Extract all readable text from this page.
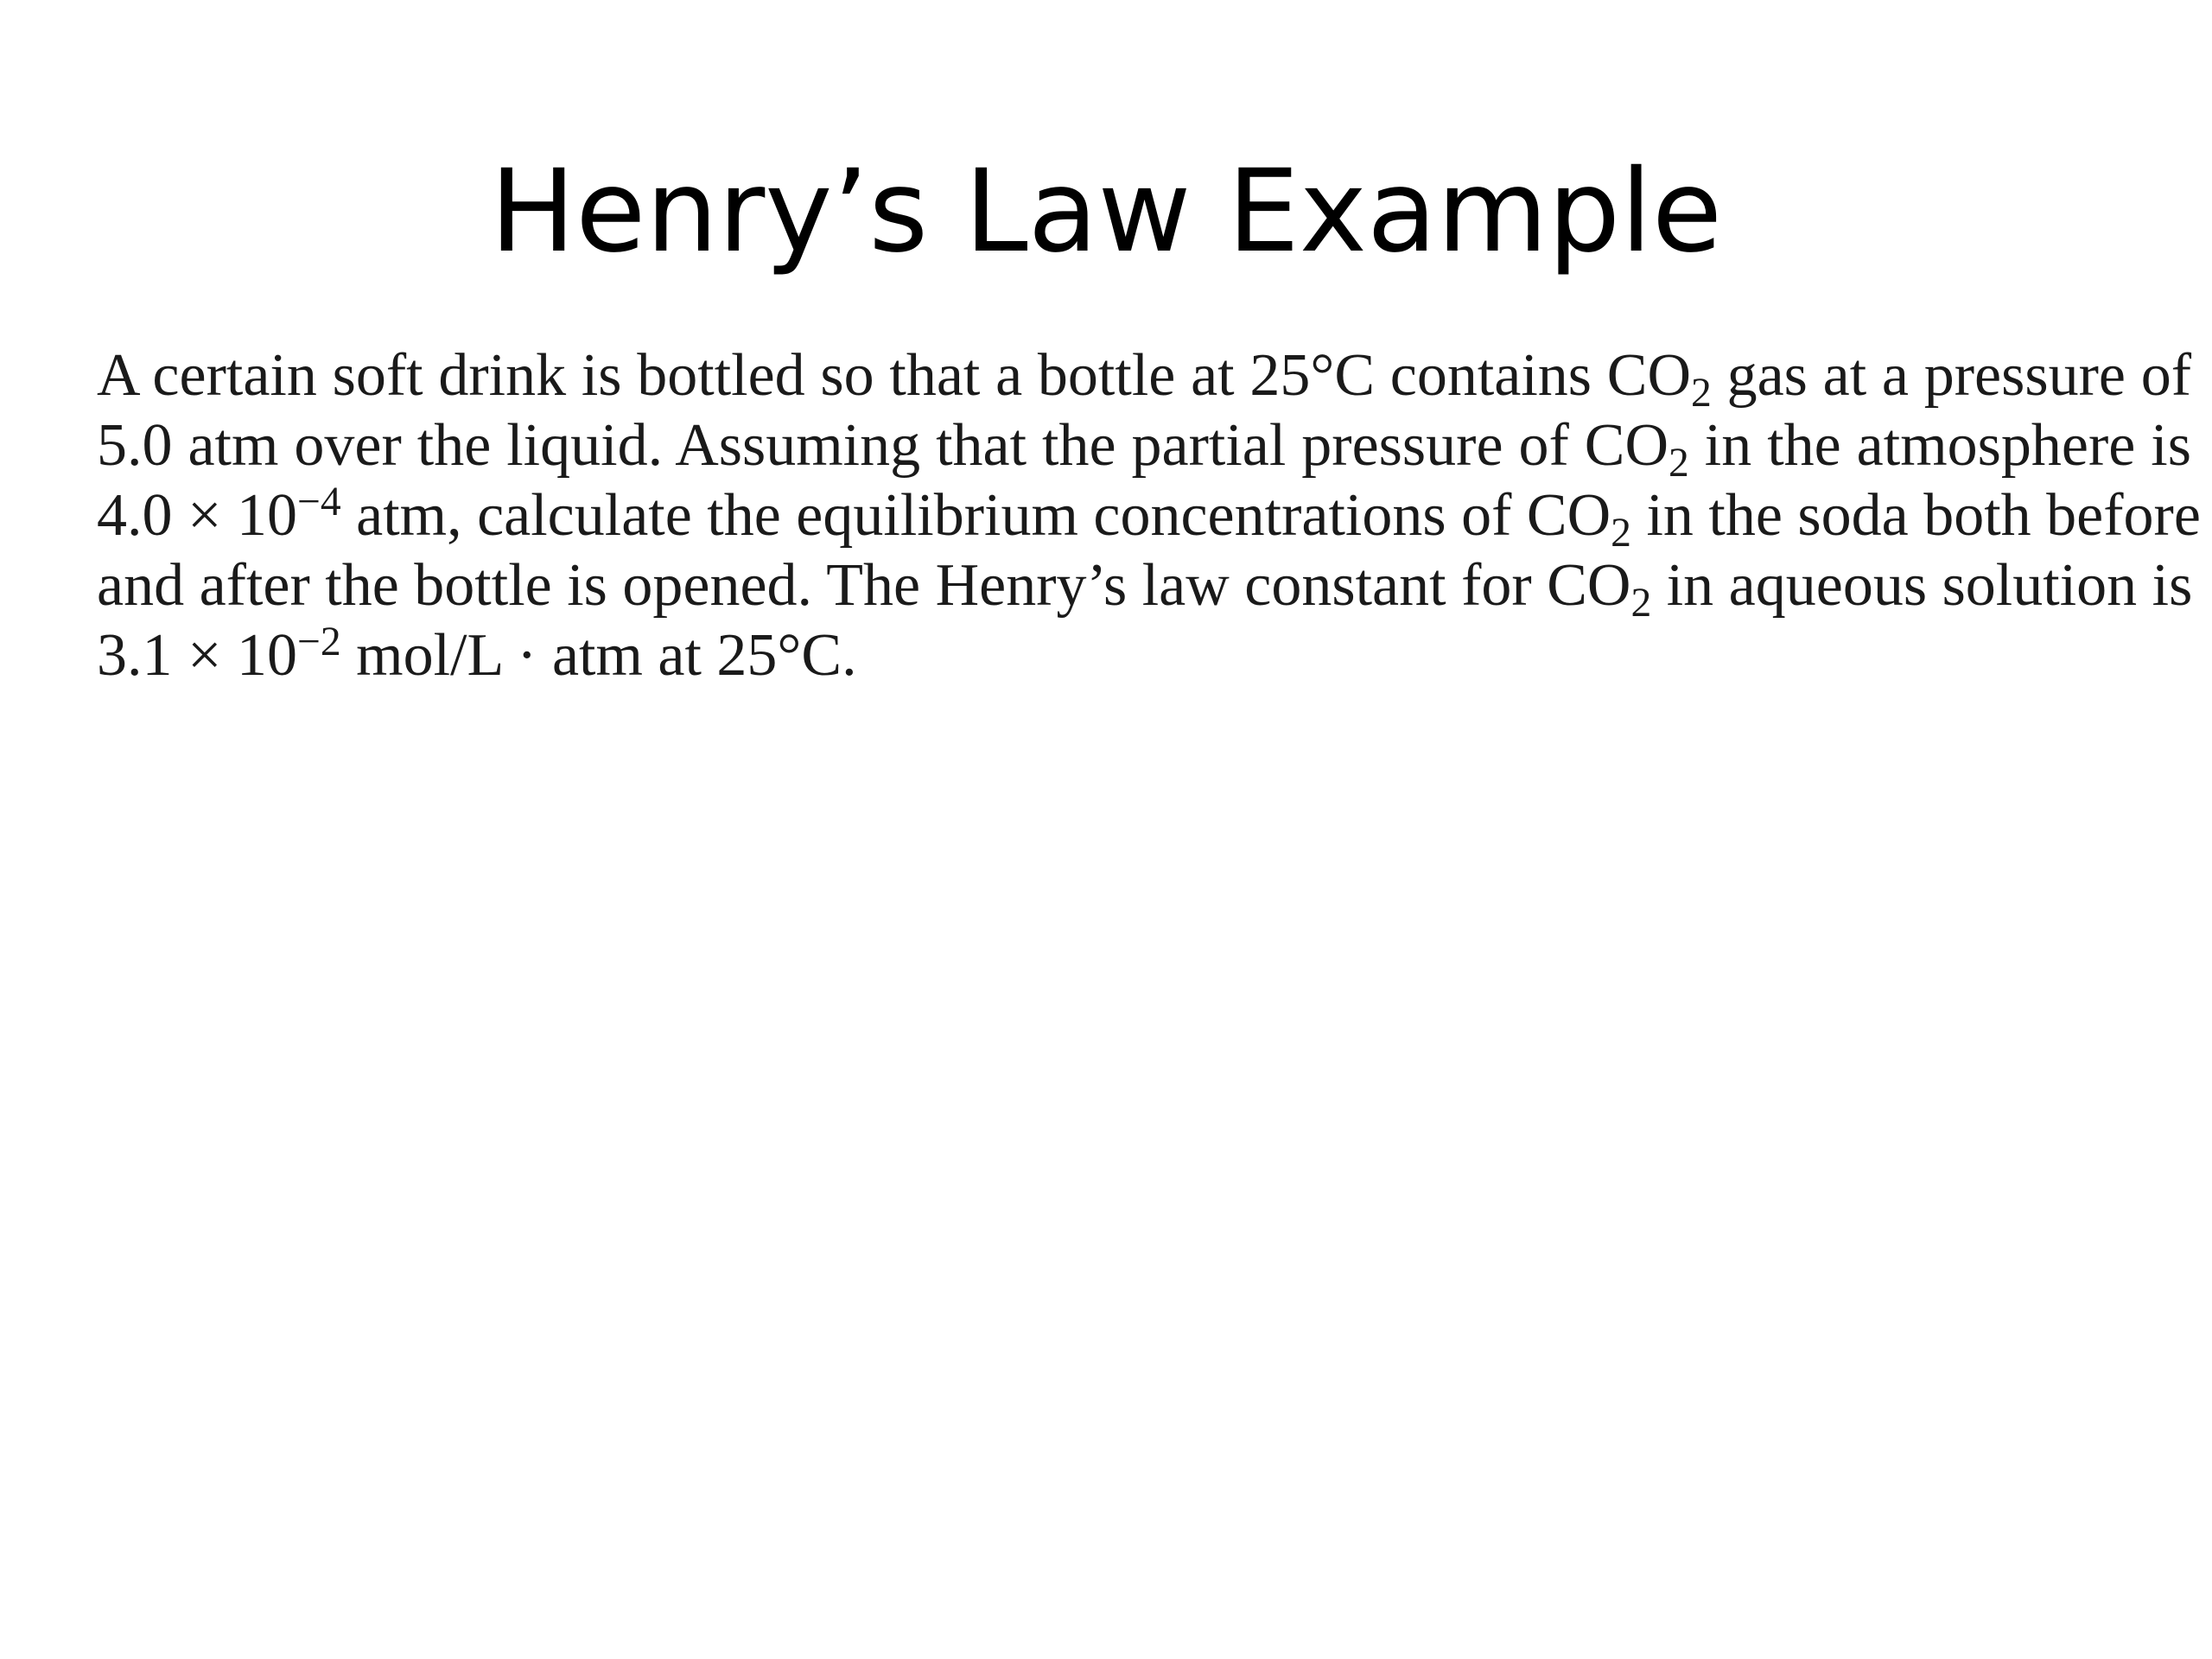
Henry’s Law Example
A certain soft drink is bottled so that a bottle at 25°C contains CO2 gas at a pressure of
5.0 atm over the liquid. Assuming that the partial pressure of CO2 in the atmosphere is
$4.0 \times 10^{-4}$ atm, calculate the equilibrium concentrations of CO2 in the soda both before
and after the bottle is opened. The Henry’s law constant for CO2 in aqueous solution is
$3.1 \times 10^{-2}$ mol/L · atm at 25°C.
